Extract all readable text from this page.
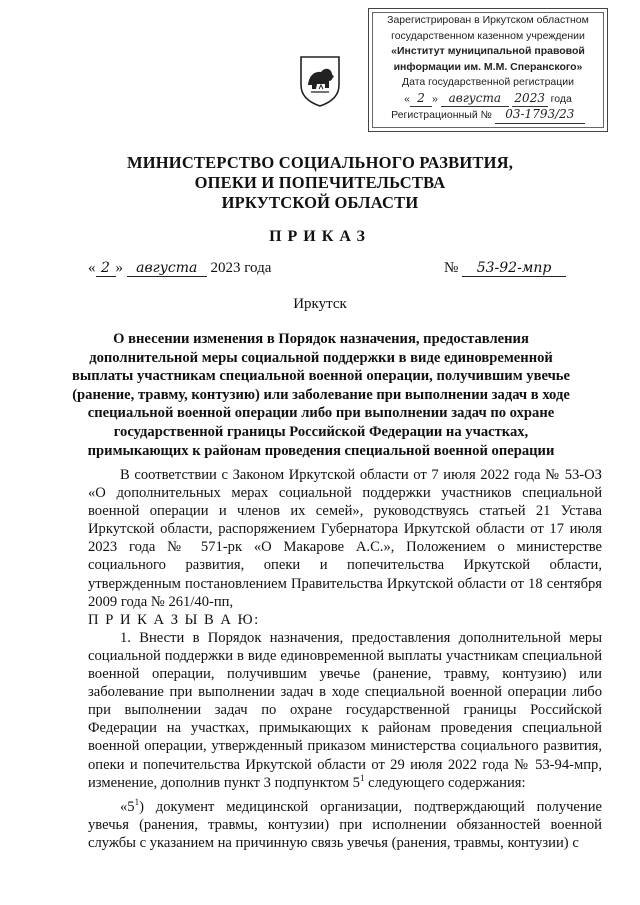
Зарегистрирован в Иркутском областном
государственном казенном учреждении
«Институт муниципальной правовой
информации им. М.М. Сперанского»
Дата государственной регистрации
« 2 » августа 2023 года
Регистрационный № 03-1793/23
МИНИСТЕРСТВО СОЦИАЛЬНОГО РАЗВИТИЯ,
ОПЕКИ И ПОПЕЧИТЕЛЬСТВА
ИРКУТСКОЙ ОБЛАСТИ
ПРИКАЗ
« 2 » августа 2023 года	№ 53-92-мпр
Иркутск
О внесении изменения в Порядок назначения, предоставления дополнительной меры социальной поддержки в виде единовременной выплаты участникам специальной военной операции, получившим увечье (ранение, травму, контузию) или заболевание при выполнении задач в ходе специальной военной операции либо при выполнении задач по охране государственной границы Российской Федерации на участках, примыкающих к районам проведения специальной военной операции

В соответствии с Законом Иркутской области от 7 июля 2022 года № 53-ОЗ «О дополнительных мерах социальной поддержки участников специальной военной операции и членов их семей», руководствуясь статьей 21 Устава Иркутской области, распоряжением Губернатора Иркутской области от 17 июля 2023 года № 571-рк «О Макарове А.С.», Положением о министерстве социального развития, опеки и попечительства Иркутской области, утвержденным постановлением Правительства Иркутской области от 18 сентября 2009 года № 261/40-пп,

П Р И К А З Ы В А Ю:

1. Внести в Порядок назначения, предоставления дополнительной меры социальной поддержки в виде единовременной выплаты участникам специальной военной операции, получившим увечье (ранение, травму, контузию) или заболевание при выполнении задач в ходе специальной военной операции либо при выполнении задач по охране государственной границы Российской Федерации на участках, примыкающих к районам проведения специальной военной операции, утвержденный приказом министерства социального развития, опеки и попечительства Иркутской области от 29 июля 2022 года № 53-94-мпр, изменение, дополнив пункт 3 подпунктом $5^1$ следующего содержания:

«$5^1$) документ медицинской организации, подтверждающий получение увечья (ранения, травмы, контузии) при исполнении обязанностей военной службы с указанием на причинную связь увечья (ранения, травмы, контузии) с
